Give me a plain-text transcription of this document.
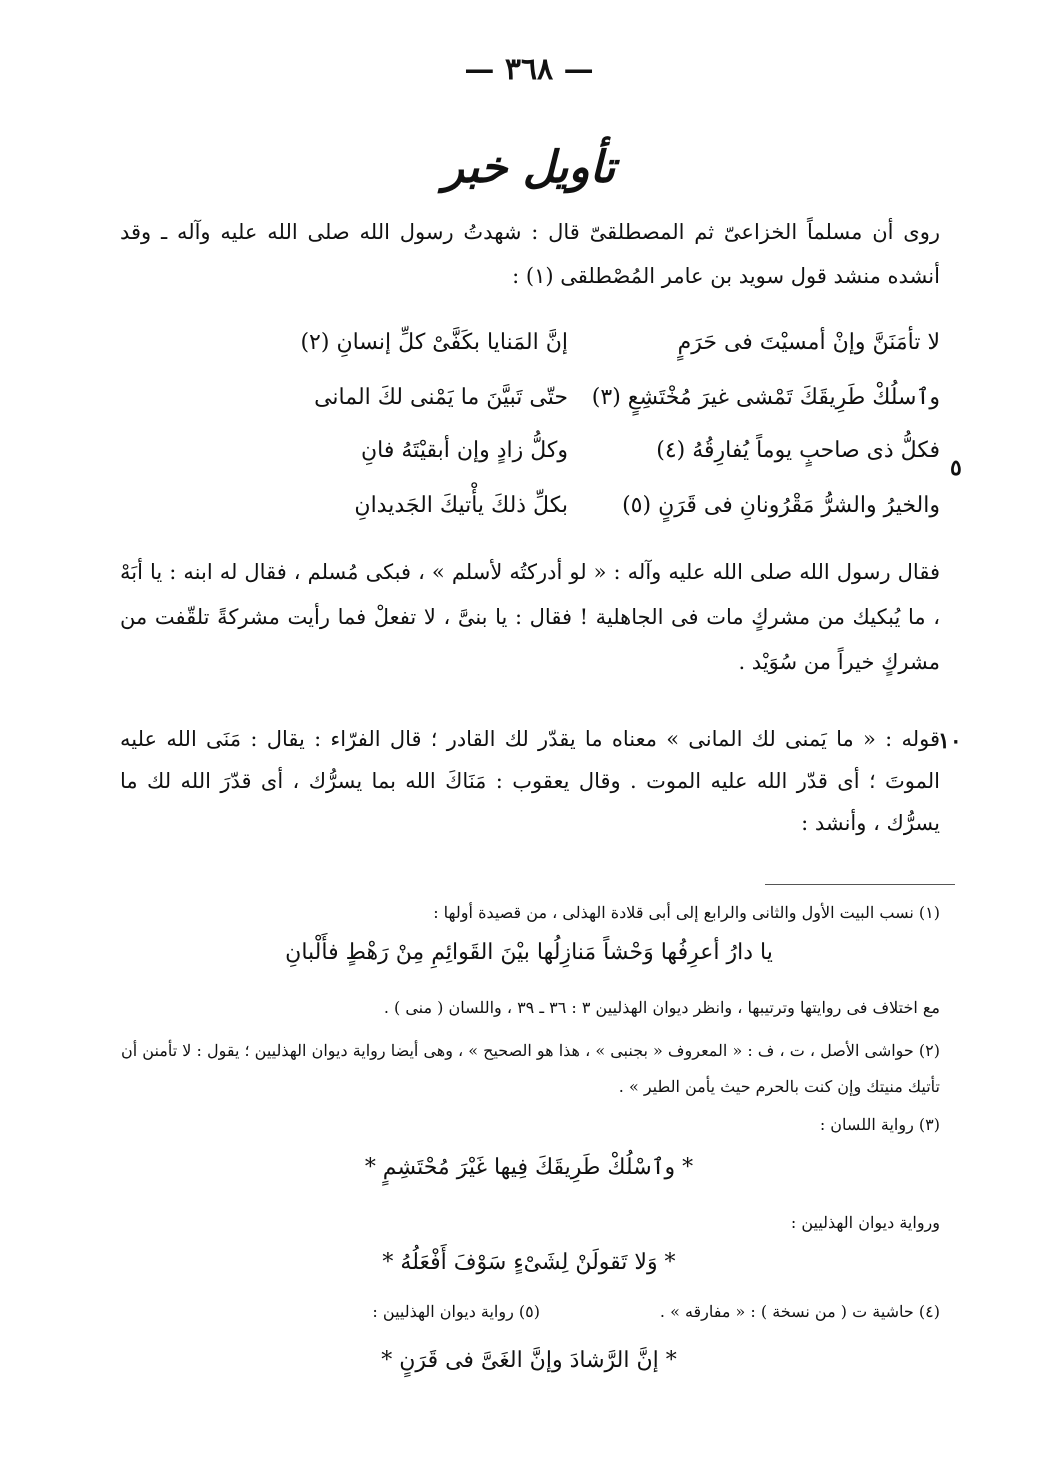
— ٣٦٨ —
تأويل خبر
روى أن مسلماً الخزاعىّ ثم المصطلقىّ قال : شهدتُ رسول الله صلى الله عليه وآله ـ وقد أنشده منشد قول سويد بن عامر المُصْطلقى (١) :
لا تأمَنَنَّ وإنْ أمسيْتَ فى حَرَمٍ
إنَّ المَنايا بكَفَّىْ كلِّ إنسانِ (٢)
وٱسلُكْ طَرِيقَكَ تَمْشى غيرَ مُخْتَشِعٍ (٣)
حتّى تَبيَّنَ ما يَمْنى لكَ المانى
فكلُّ ذى صاحبٍ يوماً يُفارِقُهُ (٤)
وكلُّ زادٍ وإن أبقيْتَهُ فانِ
والخيرُ والشرُّ مَقْرُونانِ فى قَرَنٍ (٥)
بكلِّ ذلكَ يأْتيكَ الجَديدانِ
٥
فقال رسول الله صلى الله عليه وآله : « لو أدركتُه لأسلم » ، فبكى مُسلم ، فقال له ابنه : يا أبَهْ ، ما يُبكيك من مشركٍ مات فى الجاهلية ! فقال : يا بنىَّ ، لا تفعلْ فما رأيت مشركةً تلقّفت من مشركٍ خيراً من سُوَيْد .
١٠
قوله : « ما يَمنى لك المانى » معناه ما يقدّر لك القادر ؛ قال الفرّاء : يقال : مَنَى الله عليه الموتَ ؛ أى قدّر الله عليه الموت . وقال يعقوب : مَنَاكَ الله بما يسرُّك ، أى قدّرَ الله لك ما يسرُّك ، وأنشد :
(١) نسب البيت الأول والثانى والرابع إلى أبى قلادة الهذلى ، من قصيدة أولها :
يا دارُ أعرِفُها وَحْشاً مَنازِلُها بيْنَ القَوائِمِ مِنْ رَهْطٍ فأَلْبانِ
مع اختلاف فى روايتها وترتيبها ، وانظر ديوان الهذليين ٣ : ٣٦ ـ ٣٩ ، واللسان ( منى ) .
(٢) حواشى الأصل ، ت ، ف : « المعروف « بجنبى » ، هذا هو الصحيح » ، وهى أيضا رواية ديوان الهذليين ؛ يقول : لا تأمنن أن تأتيك منيتك وإن كنت بالحرم حيث يأمن الطير » .
(٣) رواية اللسان :
* وٱسْلُكْ طَرِيقَكَ فِيها غَيْرَ مُحْتَشِمٍ *
ورواية ديوان الهذليين :
* وَلا تَقولَنْ لِشَىْءٍ سَوْفَ أَفْعَلُهُ *
(٤) حاشية ت ( من نسخة ) : « مفارقه » .
(٥) رواية ديوان الهذليين :
* إنَّ الرَّشادَ وإنَّ الغَىَّ فى قَرَنٍ *
